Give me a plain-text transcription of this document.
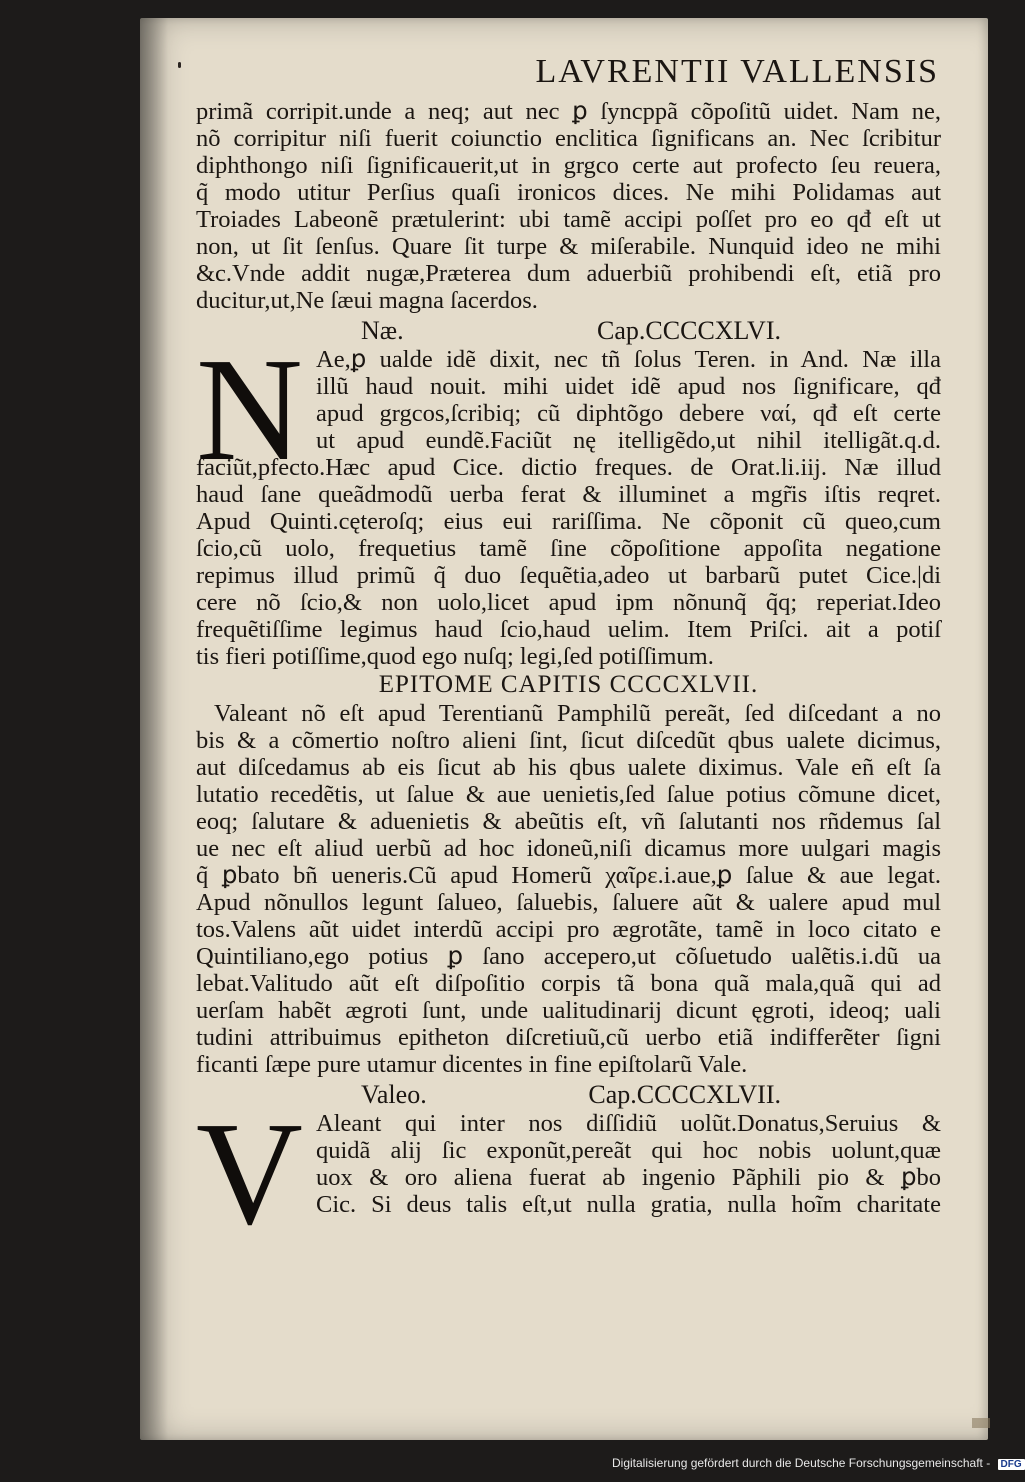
LAVRENTII VALLENSIS
primã corripit.unde a neq; aut nec ꝑ ſyncppã cõpoſitũ uidet. Nam ne,
nõ corripitur niſi fuerit coiunctio enclitica ſignificans an. Nec ſcribitur
diphthongo niſi ſignificauerit,ut in grgco certe aut profecto ſeu reuera,
q̃ modo utitur Perſius quaſi ironicos dices. Ne mihi Polidamas aut
Troiades Labeonẽ prætulerint: ubi tamẽ accipi poſſet pro eo qđ eſt ut
non, ut ſit ſenſus. Quare ſit turpe & miſerabile. Nunquid ideo ne mihi
&c.Vnde addit nugæ,Præterea dum aduerbiũ prohibendi eſt, etiã pro
ducitur,ut,Ne ſæui magna ſacerdos.
Næ.	Cap.CCCCXLVI.
N Ae,ꝑ ualde idẽ dixit, nec tñ ſolus Teren. in And. Næ illa
illũ haud nouit. mihi uidet idẽ apud nos ſignificare, qđ
apud grgcos,ſcribiq; cũ diphtõgo debere ναί, qđ eſt certe
ut apud eundẽ.Faciũt nę itelligẽdo,ut nihil itelligãt.q.d.
faciũt,pfecto.Hæc apud Cice. dictio freques. de Orat.li.iij. Næ illud
haud ſane queãdmodũ uerba ferat & illuminet a mgr̃is iſtis reqret.
Apud Quinti.cęteroſq; eius eui rariſſima. Ne cõponit cũ queo,cum
ſcio,cũ uolo, frequetius tamẽ ſine cõpoſitione appoſita negatione
repimus illud primũ q̃ duo ſequẽtia,adeo ut barbarũ putet Cice.|di
cere nõ ſcio,& non uolo,licet apud ipm nõnunq̃ q̃q; reperiat.Ideo
frequẽtiſſime legimus haud ſcio,haud uelim. Item Priſci. ait a potiſ
tis fieri potiſſime,quod ego nuſq; legi,ſed potiſſimum.
EPITOME CAPITIS CCCCXLVII.
Valeant nõ eſt apud Terentianũ Pamphilũ pereãt, ſed diſcedant a no
bis & a cõmertio noſtro alieni ſint, ſicut diſcedũt qbus ualete dicimus,
aut diſcedamus ab eis ſicut ab his qbus ualete diximus. Vale eñ eſt ſa
lutatio recedẽtis, ut ſalue & aue uenietis,ſed ſalue potius cõmune dicet,
eoq; ſalutare & aduenietis & abeũtis eſt, vñ ſalutanti nos rñdemus ſal
ue nec eſt aliud uerbũ ad hoc idoneũ,niſi dicamus more uulgari magis
q̃ ꝑbato bñ ueneris.Cũ apud Homerũ χαῖρε.i.aue,ꝑ ſalue & aue legat.
Apud nõnullos legunt ſalueo, ſaluebis, ſaluere aũt & ualere apud mul
tos.Valens aũt uidet interdũ accipi pro ægrotãte, tamẽ in loco citato e
Quintiliano,ego potius ꝑ ſano accepero,ut cõſuetudo ualẽtis.i.dũ ua
lebat.Valitudo aũt eſt diſpoſitio corpis tã bona quã mala,quã qui ad
uerſam habẽt ægroti ſunt, unde ualitudinarij dicunt ęgroti, ideoq; uali
tudini attribuimus epitheton diſcretiuũ,cũ uerbo etiã indifferẽter ſigni
ficanti ſæpe pure utamur dicentes in fine epiſtolarũ Vale.
Valeo.	Cap.CCCCXLVII.
V Aleant qui inter nos diſſidiũ uolũt.Donatus,Seruius &
quidã alij ſic exponũt,pereãt qui hoc nobis uolunt,quæ
uox & oro aliena fuerat ab ingenio Pãphili pio & ꝑbo
Cic. Si deus talis eſt,ut nulla gratia, nulla hoĩm charitate
Digitalisierung gefördert durch die Deutsche Forschungsgemeinschaft - DFG
